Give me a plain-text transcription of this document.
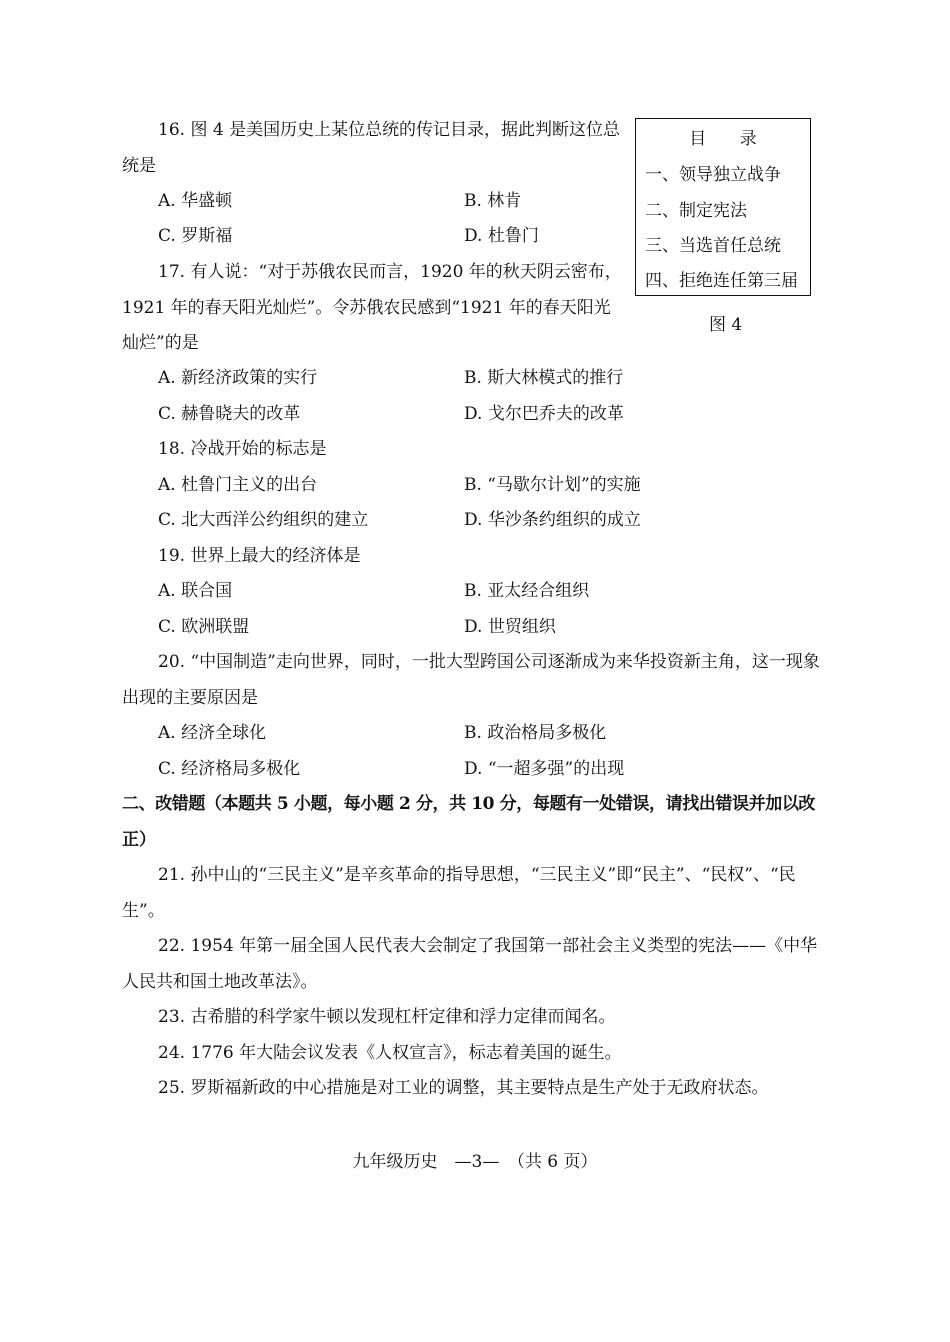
16. 图 4 是美国历史上某位总统的传记目录，据此判断这位总
统是
A. 华盛顿	B. 林肯
C. 罗斯福	D. 杜鲁门
目 录
一、领导独立战争
二、制定宪法
三、当选首任总统
四、拒绝连任第三届
图 4
17. 有人说：“对于苏俄农民而言，1920 年的秋天阴云密布，
1921 年的春天阳光灿烂”。令苏俄农民感到“1921 年的春天阳光
灿烂”的是
A. 新经济政策的实行	B. 斯大林模式的推行
C. 赫鲁晓夫的改革	D. 戈尔巴乔夫的改革
18. 冷战开始的标志是
A. 杜鲁门主义的出台	B. “马歇尔计划”的实施
C. 北大西洋公约组织的建立	D. 华沙条约组织的成立
19. 世界上最大的经济体是
A. 联合国	B. 亚太经合组织
C. 欧洲联盟	D. 世贸组织
20. “中国制造”走向世界，同时，一批大型跨国公司逐渐成为来华投资新主角，这一现象
出现的主要原因是
A. 经济全球化	B. 政治格局多极化
C. 经济格局多极化	D. “一超多强”的出现
二、改错题（本题共 5 小题，每小题 2 分，共 10 分，每题有一处错误，请找出错误并加以改
正）
21. 孙中山的“三民主义”是辛亥革命的指导思想，“三民主义”即“民主”、“民权”、“民
生”。
22. 1954 年第一届全国人民代表大会制定了我国第一部社会主义类型的宪法——《中华
人民共和国土地改革法》。
23. 古希腊的科学家牛顿以发现杠杆定律和浮力定律而闻名。
24. 1776 年大陆会议发表《人权宣言》，标志着美国的诞生。
25. 罗斯福新政的中心措施是对工业的调整，其主要特点是生产处于无政府状态。
九年级历史　—3—　（共 6 页）
